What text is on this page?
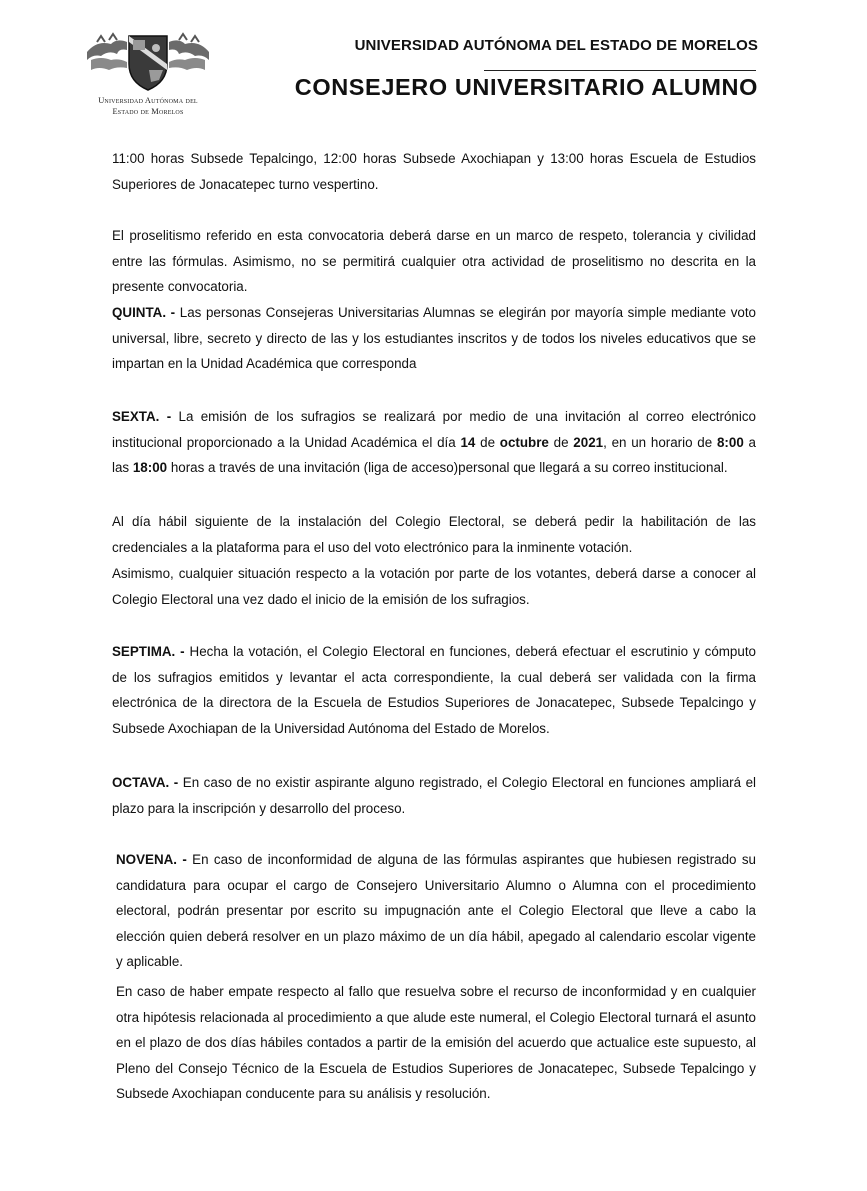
Universidad Autónoma del
Estado de Morelos
UNIVERSIDAD AUTÓNOMA DEL ESTADO DE MORELOS
CONSEJERO UNIVERSITARIO ALUMNO

11:00 horas Subsede Tepalcingo, 12:00 horas Subsede Axochiapan y 13:00 horas Escuela de Estudios Superiores de Jonacatepec turno vespertino.

El proselitismo referido en esta convocatoria deberá darse en un marco de respeto, tolerancia y civilidad entre las fórmulas. Asimismo, no se permitirá cualquier otra actividad de proselitismo no descrita en la presente convocatoria.

QUINTA. - Las personas Consejeras Universitarias Alumnas se elegirán por mayoría simple mediante voto universal, libre, secreto y directo de las y los estudiantes inscritos y de todos los niveles educativos que se impartan en la Unidad Académica que corresponda

SEXTA. - La emisión de los sufragios se realizará por medio de una invitación al correo electrónico institucional proporcionado a la Unidad Académica el día 14 de octubre de 2021, en un horario de 8:00 a las 18:00 horas a través de una invitación (liga de acceso)personal que llegará a su correo institucional.

Al día hábil siguiente de la instalación del Colegio Electoral, se deberá pedir la habilitación de las credenciales a la plataforma para el uso del voto electrónico para la inminente votación.

Asimismo, cualquier situación respecto a la votación por parte de los votantes, deberá darse a conocer al Colegio Electoral una vez dado el inicio de la emisión de los sufragios.

SEPTIMA. - Hecha la votación, el Colegio Electoral en funciones, deberá efectuar el escrutinio y cómputo de los sufragios emitidos y levantar el acta correspondiente, la cual deberá ser validada con la firma electrónica de la directora de la Escuela de Estudios Superiores de Jonacatepec, Subsede Tepalcingo y Subsede Axochiapan de la Universidad Autónoma del Estado de Morelos.

OCTAVA. - En caso de no existir aspirante alguno registrado, el Colegio Electoral en funciones ampliará el plazo para la inscripción y desarrollo del proceso.

NOVENA. - En caso de inconformidad de alguna de las fórmulas aspirantes que hubiesen registrado su candidatura para ocupar el cargo de Consejero Universitario Alumno o Alumna con el procedimiento electoral, podrán presentar por escrito su impugnación ante el Colegio Electoral que lleve a cabo la elección quien deberá resolver en un plazo máximo de un día hábil, apegado al calendario escolar vigente y aplicable.

En caso de haber empate respecto al fallo que resuelva sobre el recurso de inconformidad y en cualquier otra hipótesis relacionada al procedimiento a que alude este numeral, el Colegio Electoral turnará el asunto en el plazo de dos días hábiles contados a partir de la emisión del acuerdo que actualice este supuesto, al Pleno del Consejo Técnico de la Escuela de Estudios Superiores de Jonacatepec, Subsede Tepalcingo y Subsede Axochiapan conducente para su análisis y resolución.
